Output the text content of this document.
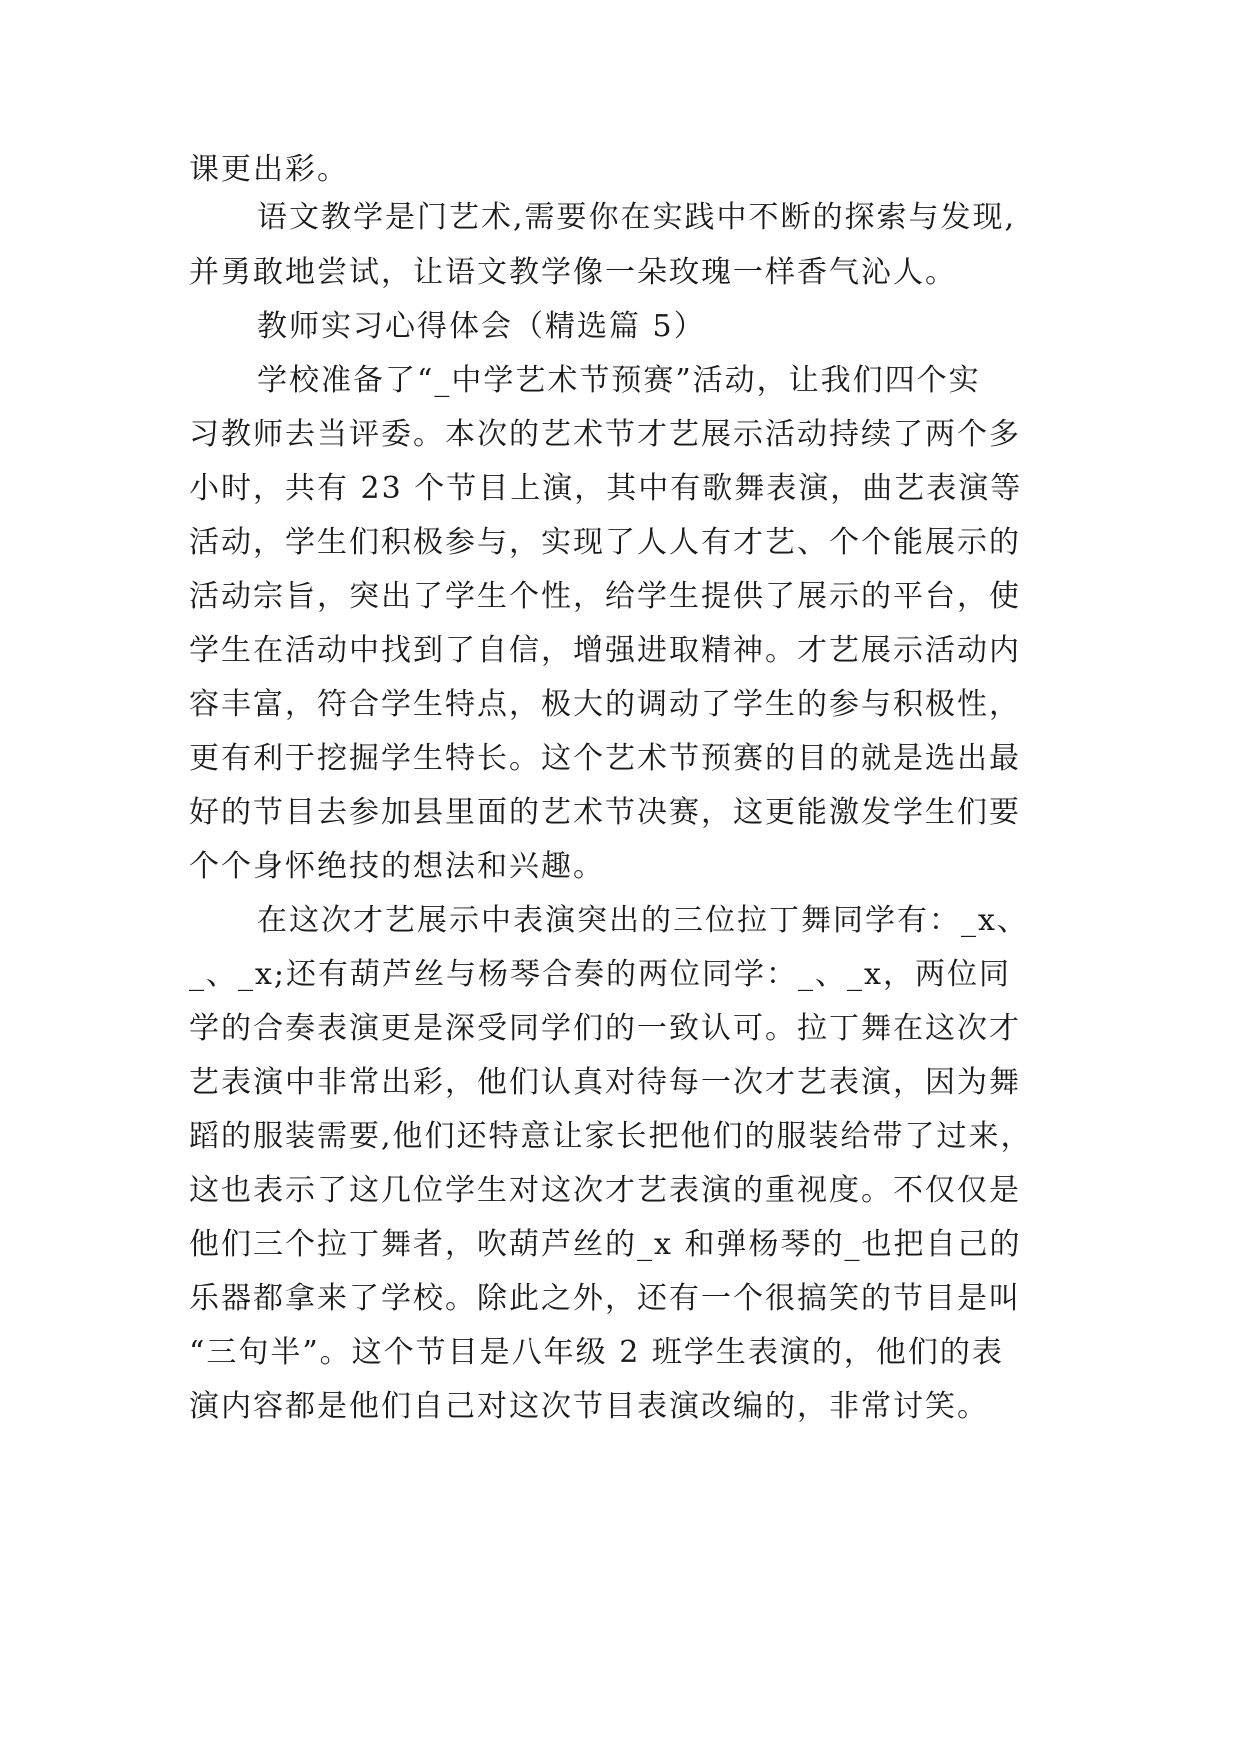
课更出彩。
语文教学是门艺术,需要你在实践中不断的探索与发现,
并勇敢地尝试，让语文教学像一朵玫瑰一样香气沁人。
教师实习心得体会（精选篇 5）
学校准备了“_中学艺术节预赛”活动，让我们四个实
习教师去当评委。本次的艺术节才艺展示活动持续了两个多
小时，共有 23 个节目上演，其中有歌舞表演，曲艺表演等
活动，学生们积极参与，实现了人人有才艺、个个能展示的
活动宗旨，突出了学生个性，给学生提供了展示的平台，使
学生在活动中找到了自信，增强进取精神。才艺展示活动内
容丰富，符合学生特点，极大的调动了学生的参与积极性，
更有利于挖掘学生特长。这个艺术节预赛的目的就是选出最
好的节目去参加县里面的艺术节决赛，这更能激发学生们要
个个身怀绝技的想法和兴趣。
在这次才艺展示中表演突出的三位拉丁舞同学有：_x、
_、_x;还有葫芦丝与杨琴合奏的两位同学：_、_x，两位同
学的合奏表演更是深受同学们的一致认可。拉丁舞在这次才
艺表演中非常出彩，他们认真对待每一次才艺表演，因为舞
蹈的服装需要,他们还特意让家长把他们的服装给带了过来，
这也表示了这几位学生对这次才艺表演的重视度。不仅仅是
他们三个拉丁舞者，吹葫芦丝的_x 和弹杨琴的_也把自己的
乐器都拿来了学校。除此之外，还有一个很搞笑的节目是叫
“三句半”。这个节目是八年级 2 班学生表演的，他们的表
演内容都是他们自己对这次节目表演改编的，非常讨笑。
